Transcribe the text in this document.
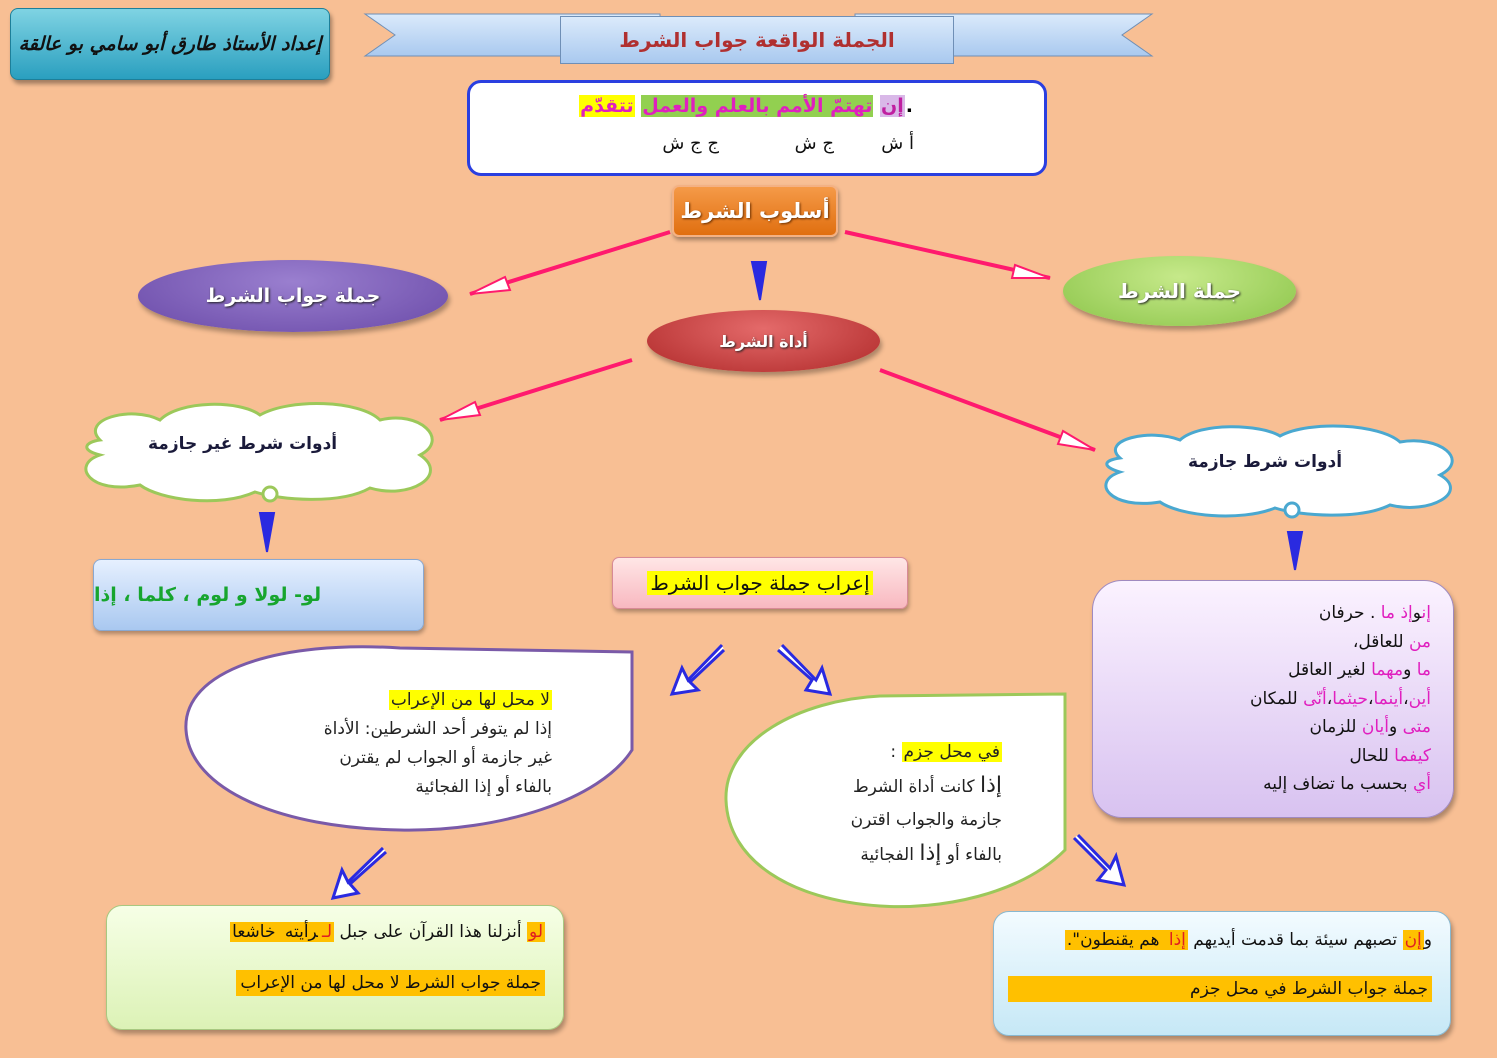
إعداد الأستاذ طارق أبو سامي بو عالقة	الجملة الواقعة جواب الشرط
.إن تهتمّ الأمم بالعلم والعمل تتقدّم
أ شج شج ج ش
أسلوب الشرط
جملة جواب الشرط	جملة الشرط
أداة الشرط
أدوات شرط غير جازمة
أدوات شرط جازمة
لو- لولا و لوم ، كلما ، إذا	إعراب جملة جواب الشرط
إنوإذ ما . حرفان
من للعاقل،
ما ومهما لغير العاقل
أين،أينما،حيثما،أنّى للمكان
متى وأيان للزمان
كيفما للحال
أي بحسب ما تضاف إليه
لا محل لها من الإعراب
إذا لم يتوفر أحد الشرطين: الأداة
غير جازمة أو الجواب لم يقترن
بالفاء أو إذا الفجائية
في محل جزم :
إذا كانت أداة الشرط
جازمة والجواب اقترن
بالفاء أو إذا الفجائية
لو أنزلنا هذا القرآن على جبل لـرأيته خاشعا
جملة جواب الشرط لا محل لها من الإعراب
وإن تصبهم سيئة بما قدمت أيديهم إذا هم يقنطون".
جملة جواب الشرط في محل جزم
